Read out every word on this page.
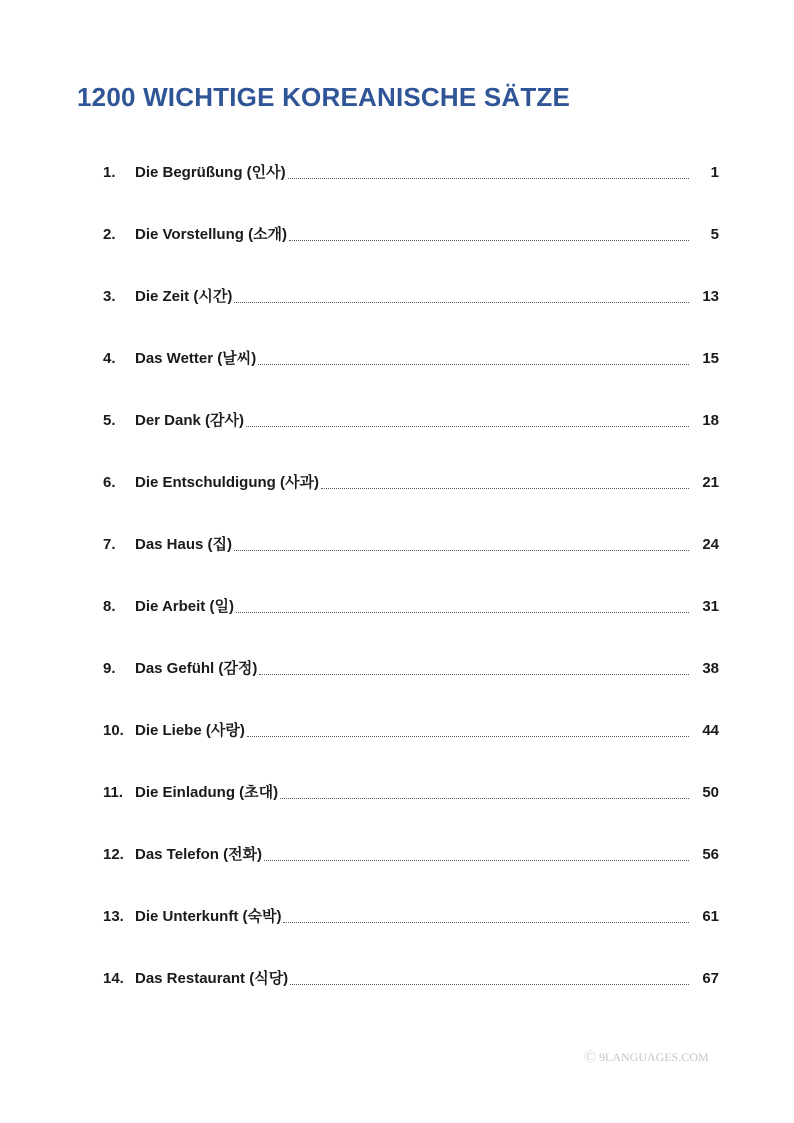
1200 WICHTIGE KOREANISCHE SÄTZE
1.	Die Begrüßung (인사)	1
2.	Die Vorstellung (소개)	5
3.	Die Zeit (시간)	13
4.	Das Wetter (날씨)	15
5.	Der Dank (감사)	18
6.	Die Entschuldigung (사과)	21
7.	Das Haus (집)	24
8.	Die Arbeit (일)	31
9.	Das Gefühl (감정)	38
10. Die Liebe (사랑)	44
11. Die Einladung (초대)	50
12. Das Telefon (전화)	56
13. Die Unterkunft (숙박)	61
14. Das Restaurant (식당)	67
Ⓒ 9LANGUAGES.COM
